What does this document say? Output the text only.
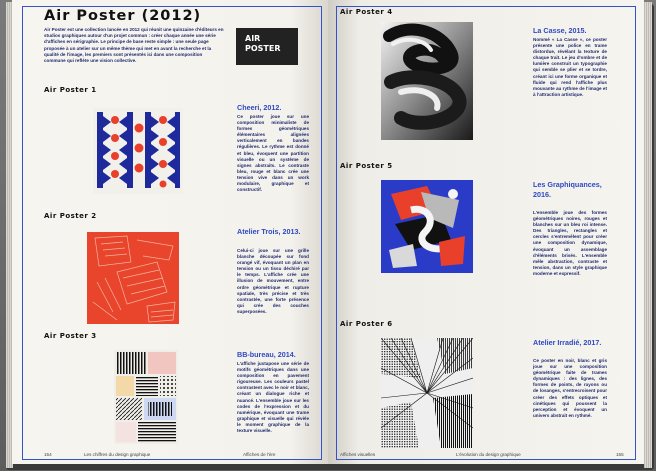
Air Poster (2012)
Air Poster est une collection lancée en 2012 qui réunit une quinzaine d'éditeurs en studios graphiques autour d'un projet commun : créer chaque année une série d'affiches en sérigraphie. Le principe de base reste simple : une seule page proposée à un atelier sur un même thème qui met en avant la recherche et la qualité de l'image, les premiers sont présentés ici dans une composition commune qui reflète une vision collective.
AIR
POSTER
Air Poster 1
Cheeri, 2012.
Ce poster joue sur une composition minimaliste de formes géométriques élémentaires alignées verticalement en bandes régulières. Le rythme est donné et bleu, évoquent une partition visuelle ou un système de signes abstraits. Le contraste bleu, rouge et blanc crée une tension vive dans un work modulaire, graphique et constructif.
Air Poster 2
Atelier Trois, 2013.
Celui-ci joue sur une grille blanche découpée sur fond orangé vif, évoquant un plan en tension ou un tissu déchiré par le temps. L'affiche crée une illusion de mouvement, entre ordre géométrique et rupture spatiale, très précise et très contrastée, une forte présence qui crée des couches superposées.
Air Poster 3
BB-bureau, 2014.
L'affiche juxtapose une série de motifs géométriques dans une composition en pavement rigoureuse. Les couleurs pastel contrastent avec le noir et blanc, créant un dialogue riche et nuancé. L'ensemble joue sur les codes de l'expression et du numérique, évoquant une trame graphique et visuelle qui révèle le moment graphique de la texture visuelle.
154	Les chiffres du design graphique	Affiches de l'ère
Air Poster 4
La Casse, 2015.
Nommé « La Casse », ce poster présente une police en trame distordue, révélant la texture de chaque trait. Le jeu d'ombre et de lumière construit un typographie qui semble se plier et se tordre, créant ici une forme organique et fluide qui rend l'affiche plus mouvante au rythme de l'image et à l'attraction artistique.
Air Poster 5
Les Graphiquances, 2016.
L'ensemble joue des formes géométriques noires, rouges et blanches sur un bleu roi intense. Des triangles, rectangles et cercles s'entremêlent pour créer une composition dynamique, évoquant un assemblage d'éléments brisés. L'ensemble mêle abstraction, contraste et tension, dans un style graphique moderne et expressif.
Air Poster 6
Atelier Irradié, 2017.
Ce poster en noir, blanc et gris joue sur une composition géométrique faite de trames dynamiques : des lignes, des formes de points, de rayons ou de losanges, s'entrecroisent pour créer des effets optiques et cinétiques qui poussent la perception et évoquent un univers abstrait en rythmé.
Affiches visuelles	L'évolution du design graphique	155
